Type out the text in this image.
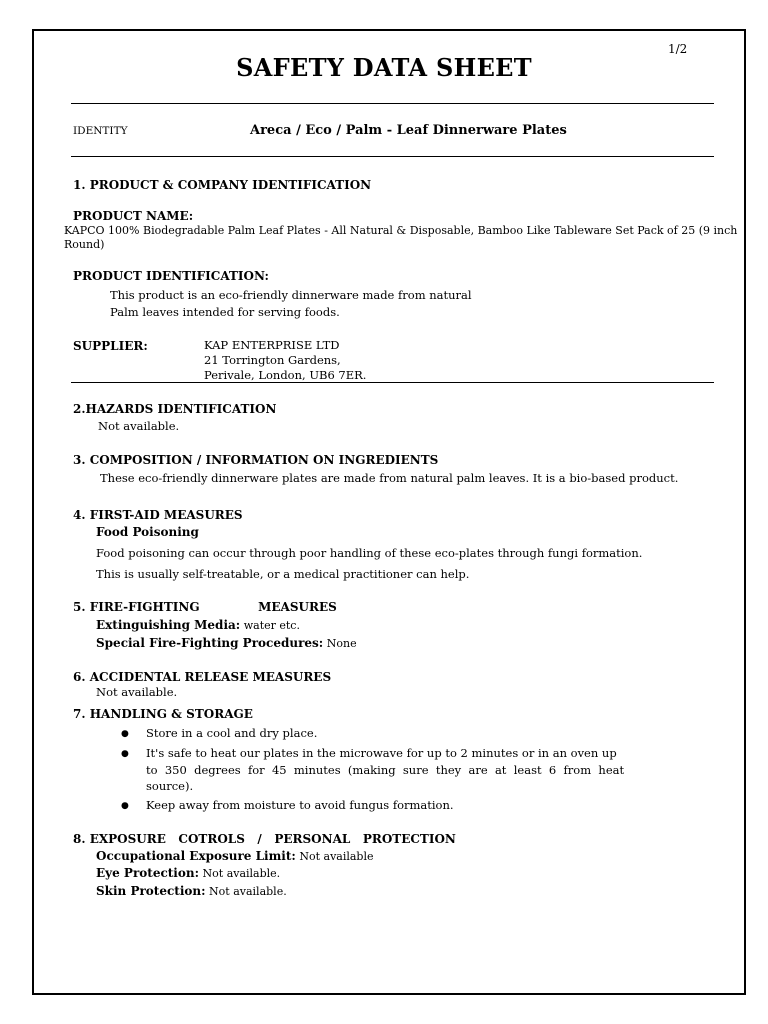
1/2
SAFETY DATA SHEET
IDENTITY	Areca / Eco / Palm - Leaf Dinnerware Plates
1. PRODUCT & COMPANY IDENTIFICATION
PRODUCT NAME:
KAPCO 100% Biodegradable Palm Leaf Plates - All Natural & Disposable, Bamboo Like Tableware Set Pack of 25 (9 inch
Round)
PRODUCT IDENTIFICATION:
This product is an eco-friendly dinnerware made from natural
Palm leaves intended for serving foods.
SUPPLIER:	KAP ENTERPRISE LTD
21 Torrington Gardens,
Perivale, London, UB6 7ER.
2.HAZARDS IDENTIFICATION
Not available.
3. COMPOSITION / INFORMATION ON INGREDIENTS
These eco-friendly dinnerware plates are made from natural palm leaves. It is a bio-based product.
4. FIRST-AID MEASURES
Food Poisoning
Food poisoning can occur through poor handling of these eco-plates through fungi formation.
This is usually self-treatable, or a medical practitioner can help.
5. FIRE-FIGHTING              MEASURES
Extinguishing Media: water etc.
Special Fire-Fighting Procedures: None
6. ACCIDENTAL RELEASE MEASURES
Not available.
7. HANDLING & STORAGE
● Store in a cool and dry place.
● It's safe to heat our plates in the microwave for up to 2 minutes or in an oven up
to  350  degrees  for  45  minutes  (making  sure  they  are  at  least  6  from  heat
source).
● Keep away from moisture to avoid fungus formation.
8. EXPOSURE   COTROLS   /   PERSONAL   PROTECTION
Occupational Exposure Limit: Not available
Eye Protection: Not available.
Skin Protection: Not available.
